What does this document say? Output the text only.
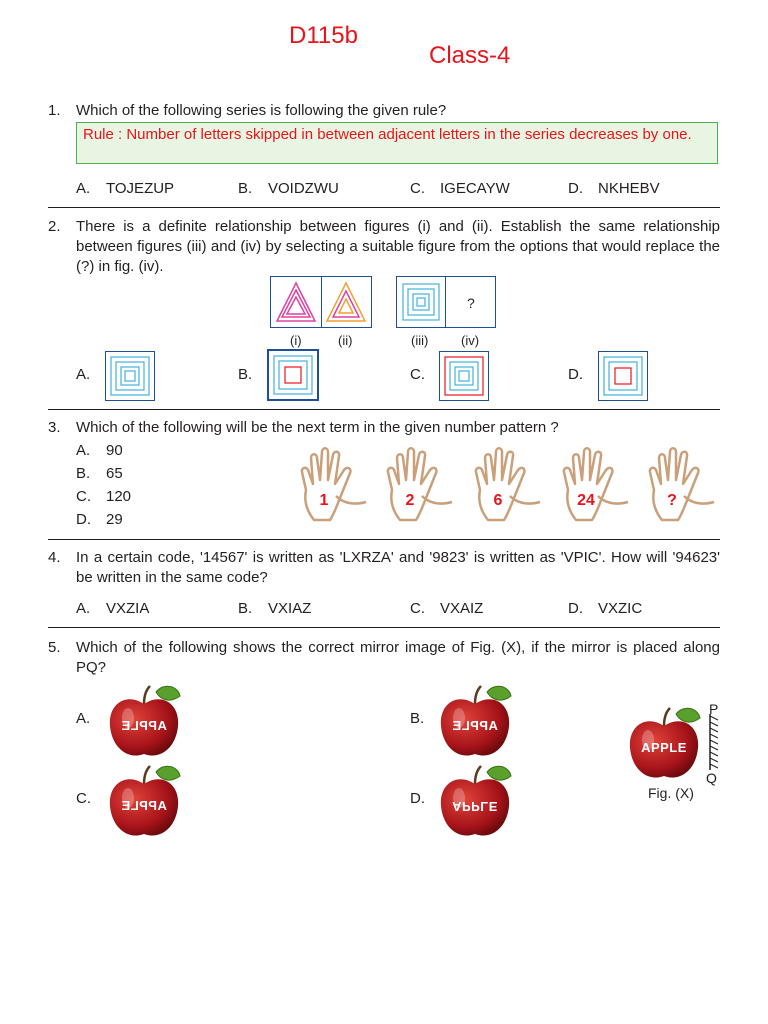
D115b
Class-4
1. Which of the following series is following the given rule?
Rule : Number of letters skipped in between adjacent letters in the series decreases by one.
A. TOJEZUP	B. VOIDZWU	C. IGECAYW	D. NKHEBV
2. There is a definite relationship between figures (i) and (ii). Establish the same relationship between figures (iii) and (iv) by selecting a suitable figure from the options that would replace the (?) in fig. (iv).
?
(i)	(ii)	(iii)	(iv)
A.	B.	C.	D.
3. Which of the following will be the next term in the given number pattern ?
A. 90
B. 65
C. 120
D. 29
1	2	6	24	?
4. In a certain code, '14567' is written as 'LXRZA' and '9823' is written as 'VPIC'. How will '94623' be written in the same code?
A. VXZIA	B. VXIAZ	C. VXAIZ	D. VXZIC
5. Which of the following shows the correct mirror image of Fig. (X), if the mirror is placed along PQ?
A.	B.
C.	D.
APPLE	APPLE
APPLE	APPLE
APPLE
P
Q
Fig. (X)
